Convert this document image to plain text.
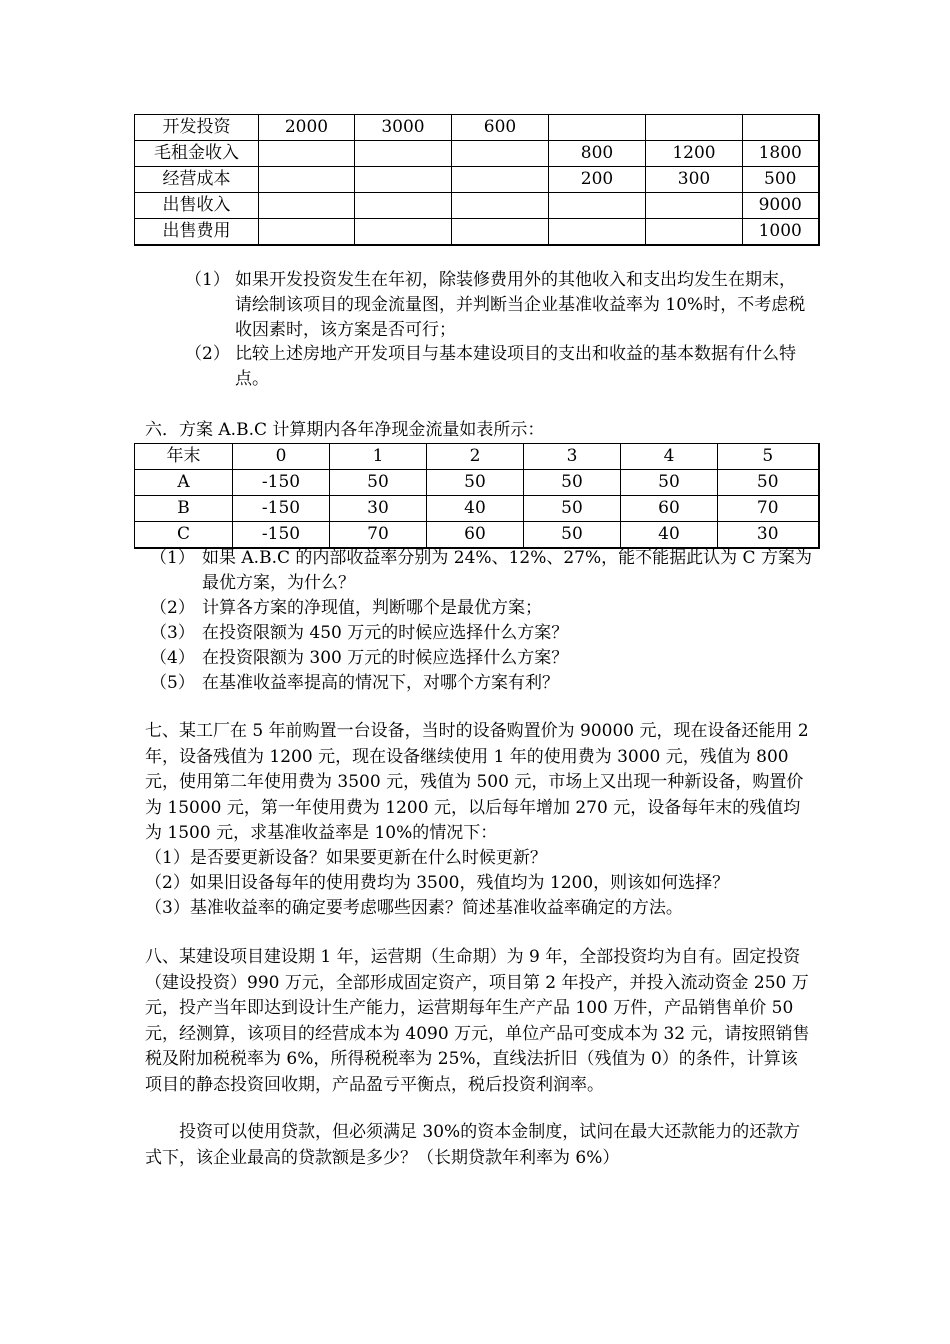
开发投资	2000	3000	600			
毛租金收入				800	1200	1800
经营成本				200	300	500
出售收入						9000
出售费用						1000
（1） 如果开发投资发生在年初，除装修费用外的其他收入和支出均发生在期末，请绘制该项目的现金流量图，并判断当企业基准收益率为 10%时，不考虑税收因素时，该方案是否可行；
（2） 比较上述房地产开发项目与基本建设项目的支出和收益的基本数据有什么特点。
六．方案 A.B.C 计算期内各年净现金流量如表所示：
年末	0	1	2	3	4	5
A	-150	50	50	50	50	50
B	-150	30	40	50	60	70
C	-150	70	60	50	40	30
（1） 如果 A.B.C 的内部收益率分别为 24%、12%、27%，能不能据此认为 C 方案为最优方案，为什么？
（2） 计算各方案的净现值，判断哪个是最优方案；
（3） 在投资限额为 450 万元的时候应选择什么方案？
（4） 在投资限额为 300 万元的时候应选择什么方案？
（5） 在基准收益率提高的情况下，对哪个方案有利？
七、某工厂在 5 年前购置一台设备，当时的设备购置价为 90000 元，现在设备还能用 2 年，设备残值为 1200 元，现在设备继续使用 1 年的使用费为 3000 元，残值为 800 元，使用第二年使用费为 3500 元，残值为 500 元，市场上又出现一种新设备，购置价为 15000 元，第一年使用费为 1200 元，以后每年增加 270 元，设备每年末的残值均为 1500 元，求基准收益率是 10%的情况下：
（1）是否要更新设备？如果要更新在什么时候更新？
（2）如果旧设备每年的使用费均为 3500，残值均为 1200，则该如何选择？
（3）基准收益率的确定要考虑哪些因素？简述基准收益率确定的方法。
八、某建设项目建设期 1 年，运营期（生命期）为 9 年，全部投资均为自有。固定投资（建设投资）990 万元，全部形成固定资产，项目第 2 年投产，并投入流动资金 250 万元，投产当年即达到设计生产能力，运营期每年生产产品 100 万件，产品销售单价 50 元，经测算，该项目的经营成本为 4090 万元，单位产品可变成本为 32 元，请按照销售税及附加税税率为 6%，所得税税率为 25%，直线法折旧（残值为 0）的条件，计算该项目的静态投资回收期，产品盈亏平衡点，税后投资利润率。
投资可以使用贷款，但必须满足 30%的资本金制度，试问在最大还款能力的还款方式下，该企业最高的贷款额是多少？（长期贷款年利率为 6%）
